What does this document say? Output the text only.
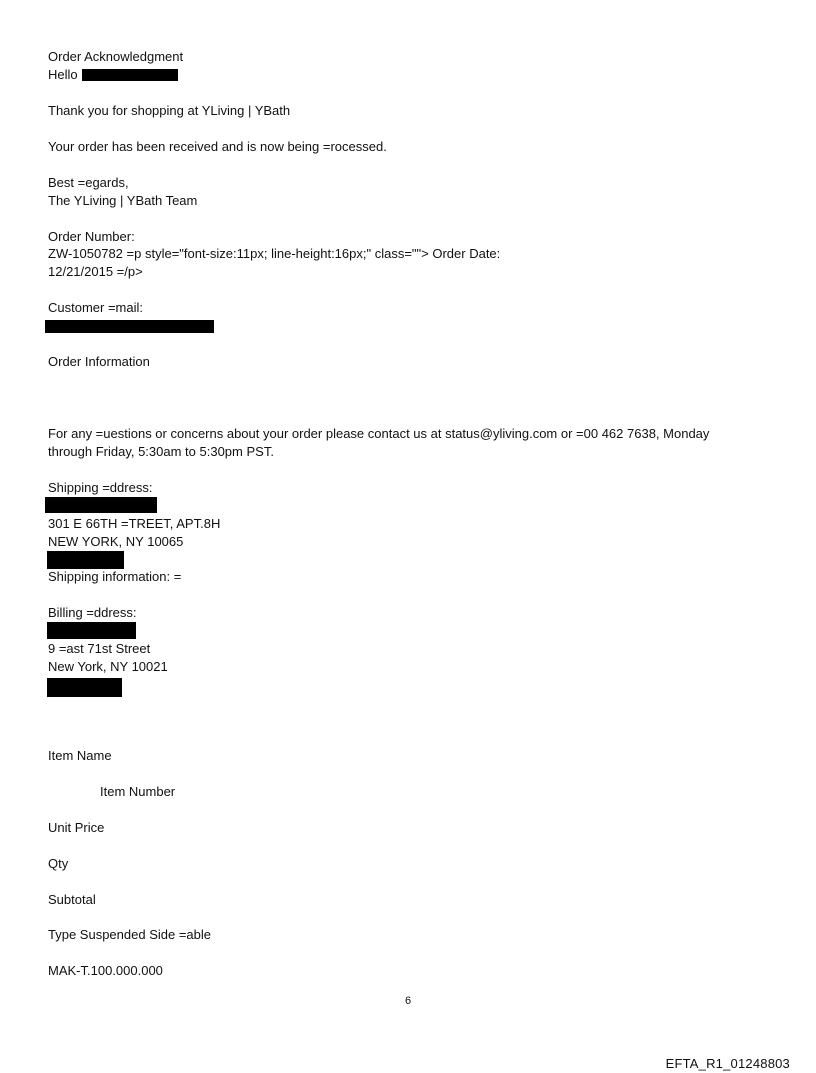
Order Acknowledgment
Hello
Thank you for shopping at YLiving | YBath
Your order has been received and is now being =rocessed.
Best =egards,
The YLiving | YBath Team
Order Number:
ZW-1050782 =p style="font-size:11px; line-height:16px;" class=""> Order Date:
12/21/2015 =/p>
Customer =mail:
Order Information
For any =uestions or concerns about your order please contact us at status@yliving.com or =00 462 7638, Monday
through Friday, 5:30am to 5:30pm PST.
Shipping =ddress:
301 E 66TH =TREET, APT.8H
NEW YORK, NY 10065
Shipping information: =
Billing =ddress:
9 =ast 71st Street
New York, NY 10021
Item Name
Item Number
Unit Price
Qty
Subtotal
Type Suspended Side =able
MAK-T.100.000.000
6
EFTA_R1_01248803
